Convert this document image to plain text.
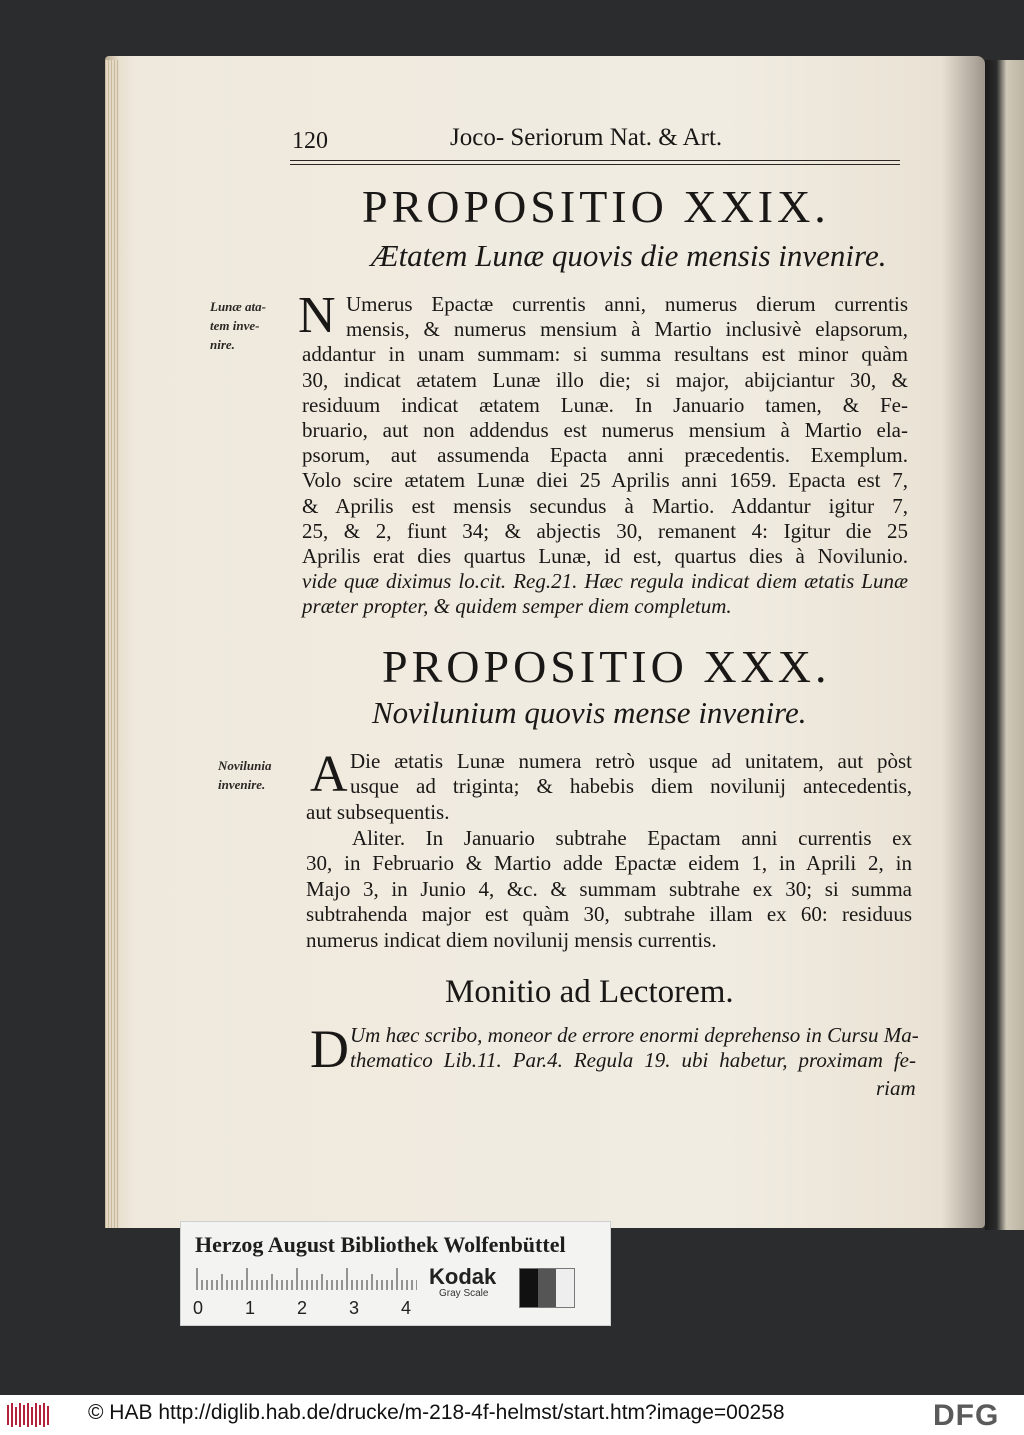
120	Joco- Seriorum Nat. & Art.
PROPOSITIO XXIX.
Ætatem Lunæ quovis die mensis invenire.
Lunæ ata-
tem inve-
nire.
N Umerus Epactæ currentis anni, numerus dierum currentis
mensis, & numerus mensium à Martio inclusivè elapsorum,
addantur in unam summam: si summa resultans est minor quàm
30, indicat ætatem Lunæ illo die; si major, abijciantur 30, &
residuum indicat ætatem Lunæ. In Januario tamen, & Fe-
bruario, aut non addendus est numerus mensium à Martio ela-
psorum, aut assumenda Epacta anni præcedentis. Exemplum.
Volo scire ætatem Lunæ diei 25 Aprilis anni 1659. Epacta est 7,
& Aprilis est mensis secundus à Martio. Addantur igitur 7,
25, & 2, fiunt 34; & abjectis 30, remanent 4: Igitur die 25
Aprilis erat dies quartus Lunæ, id est, quartus dies à Novilunio.
vide quæ diximus lo.cit. Reg.21. Hæc regula indicat diem ætatis Lunæ
præter propter, & quidem semper diem completum.
PROPOSITIO XXX.
Novilunium quovis mense invenire.
Novilunia
invenire. A Die ætatis Lunæ numera retrò usque ad unitatem, aut pòst
usque ad triginta; & habebis diem novilunij antecedentis,
aut subsequentis.
Aliter. In Januario subtrahe Epactam anni currentis ex
30, in Februario & Martio adde Epactæ eidem 1, in Aprili 2, in
Majo 3, in Junio 4, &c. & summam subtrahe ex 30; si summa
subtrahenda major est quàm 30, subtrahe illam ex 60: residuus
numerus indicat diem novilunij mensis currentis.
Monitio ad Lectorem.
D Um hæc scribo, moneor de errore enormi deprehenso in Cursu Ma-
thematico Lib.11. Par.4. Regula 19. ubi habetur, proximam fe-
riam
Herzog August Bibliothek Wolfenbüttel
0 1 2 3 4
Kodak
Gray Scale
© HAB http://diglib.hab.de/drucke/m-218-4f-helmst/start.htm?image=00258	DFG
